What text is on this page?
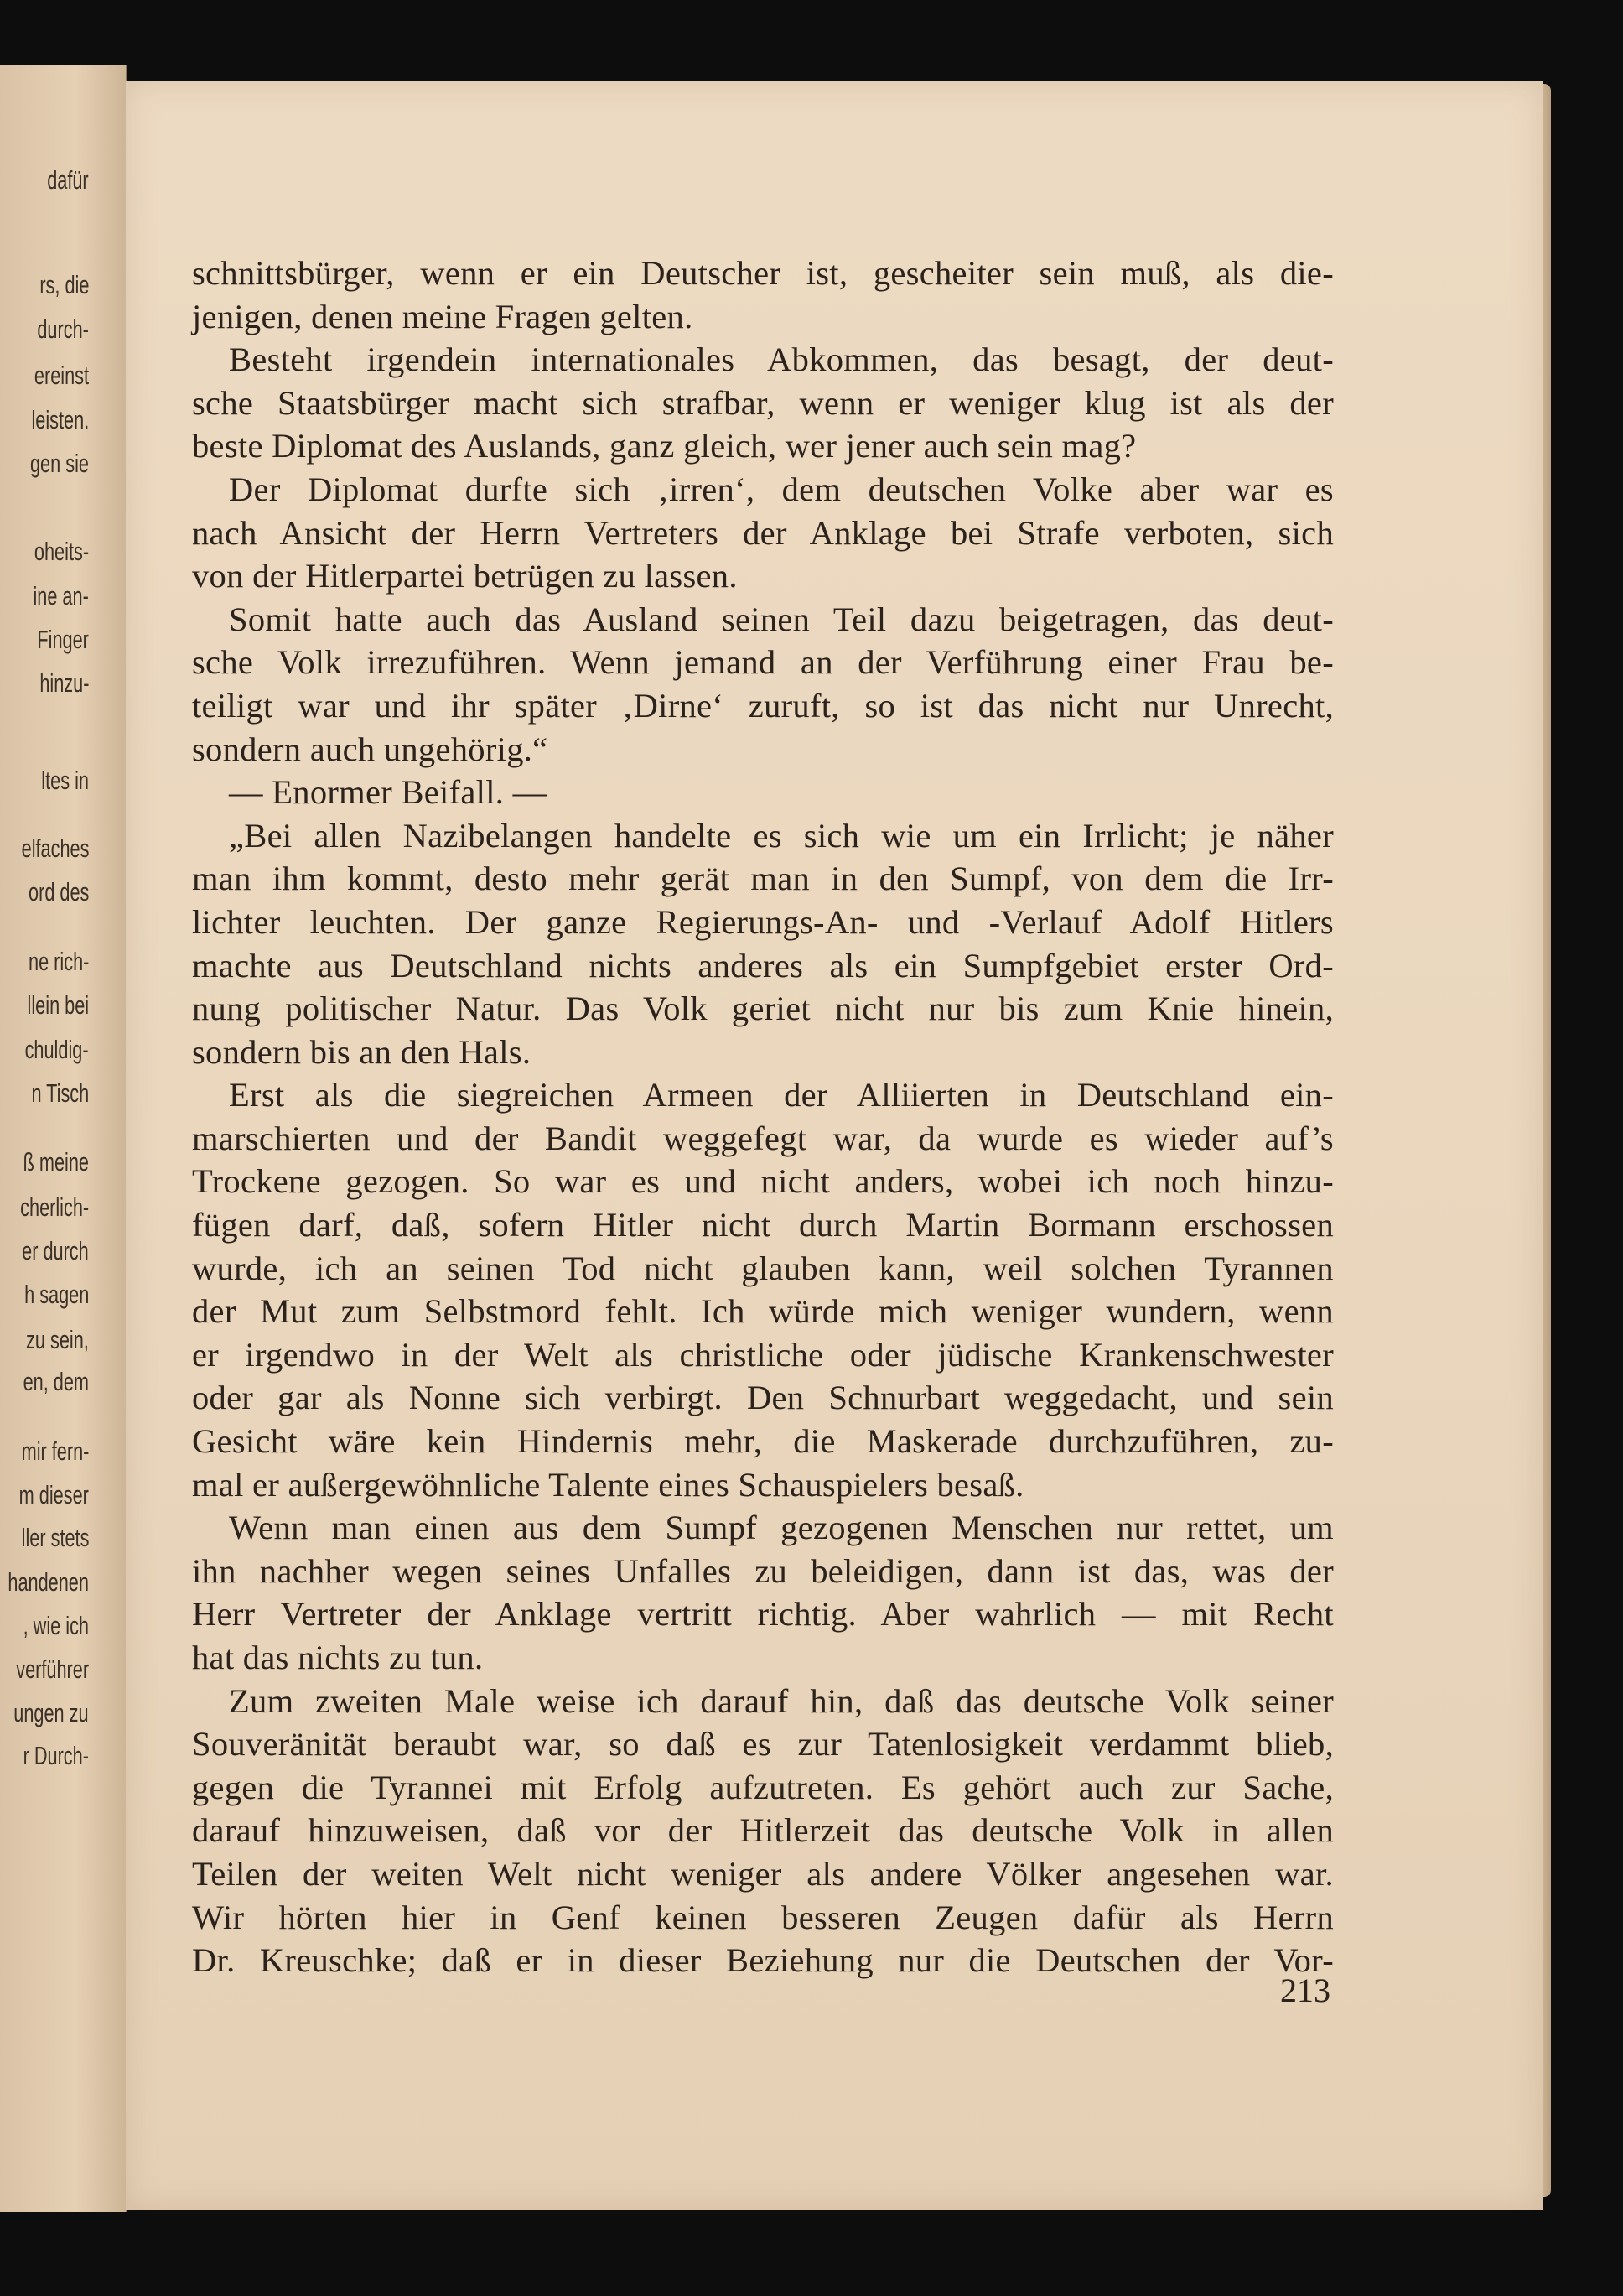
dafür
rs, die
durch-
ereinst
leisten.
gen sie
oheits-
ine an-
Finger
hinzu-
ltes in
elfaches
ord des
ne rich-
llein bei
chuldig-
n Tisch
ß meine
cherlich-
er durch
h sagen
zu sein,
en, dem
mir fern-
m dieser
ller stets
handenen
, wie ich
verführer
ungen zu
r Durch-
schnittsbürger, wenn er ein Deutscher ist, gescheiter sein muß, als die-
jenigen, denen meine Fragen gelten.
Besteht irgendein internationales Abkommen, das besagt, der deut-
sche Staatsbürger macht sich strafbar, wenn er weniger klug ist als der
beste Diplomat des Auslands, ganz gleich, wer jener auch sein mag?
Der Diplomat durfte sich ‚irren‘, dem deutschen Volke aber war es
nach Ansicht der Herrn Vertreters der Anklage bei Strafe verboten, sich
von der Hitlerpartei betrügen zu lassen.
Somit hatte auch das Ausland seinen Teil dazu beigetragen, das deut-
sche Volk irrezuführen. Wenn jemand an der Verführung einer Frau be-
teiligt war und ihr später ‚Dirne‘ zuruft, so ist das nicht nur Unrecht,
sondern auch ungehörig.“
— Enormer Beifall. —
„Bei allen Nazibelangen handelte es sich wie um ein Irrlicht; je näher
man ihm kommt, desto mehr gerät man in den Sumpf, von dem die Irr-
lichter leuchten. Der ganze Regierungs-An- und -Verlauf Adolf Hitlers
machte aus Deutschland nichts anderes als ein Sumpfgebiet erster Ord-
nung politischer Natur. Das Volk geriet nicht nur bis zum Knie hinein,
sondern bis an den Hals.
Erst als die siegreichen Armeen der Alliierten in Deutschland ein-
marschierten und der Bandit weggefegt war, da wurde es wieder auf’s
Trockene gezogen. So war es und nicht anders, wobei ich noch hinzu-
fügen darf, daß, sofern Hitler nicht durch Martin Bormann erschossen
wurde, ich an seinen Tod nicht glauben kann, weil solchen Tyrannen
der Mut zum Selbstmord fehlt. Ich würde mich weniger wundern, wenn
er irgendwo in der Welt als christliche oder jüdische Krankenschwester
oder gar als Nonne sich verbirgt. Den Schnurbart weggedacht, und sein
Gesicht wäre kein Hindernis mehr, die Maskerade durchzuführen, zu-
mal er außergewöhnliche Talente eines Schauspielers besaß.
Wenn man einen aus dem Sumpf gezogenen Menschen nur rettet, um
ihn nachher wegen seines Unfalles zu beleidigen, dann ist das, was der
Herr Vertreter der Anklage vertritt richtig. Aber wahrlich — mit Recht
hat das nichts zu tun.
Zum zweiten Male weise ich darauf hin, daß das deutsche Volk seiner
Souveränität beraubt war, so daß es zur Tatenlosigkeit verdammt blieb,
gegen die Tyrannei mit Erfolg aufzutreten. Es gehört auch zur Sache,
darauf hinzuweisen, daß vor der Hitlerzeit das deutsche Volk in allen
Teilen der weiten Welt nicht weniger als andere Völker angesehen war.
Wir hörten hier in Genf keinen besseren Zeugen dafür als Herrn
Dr. Kreuschke; daß er in dieser Beziehung nur die Deutschen der Vor-
213
